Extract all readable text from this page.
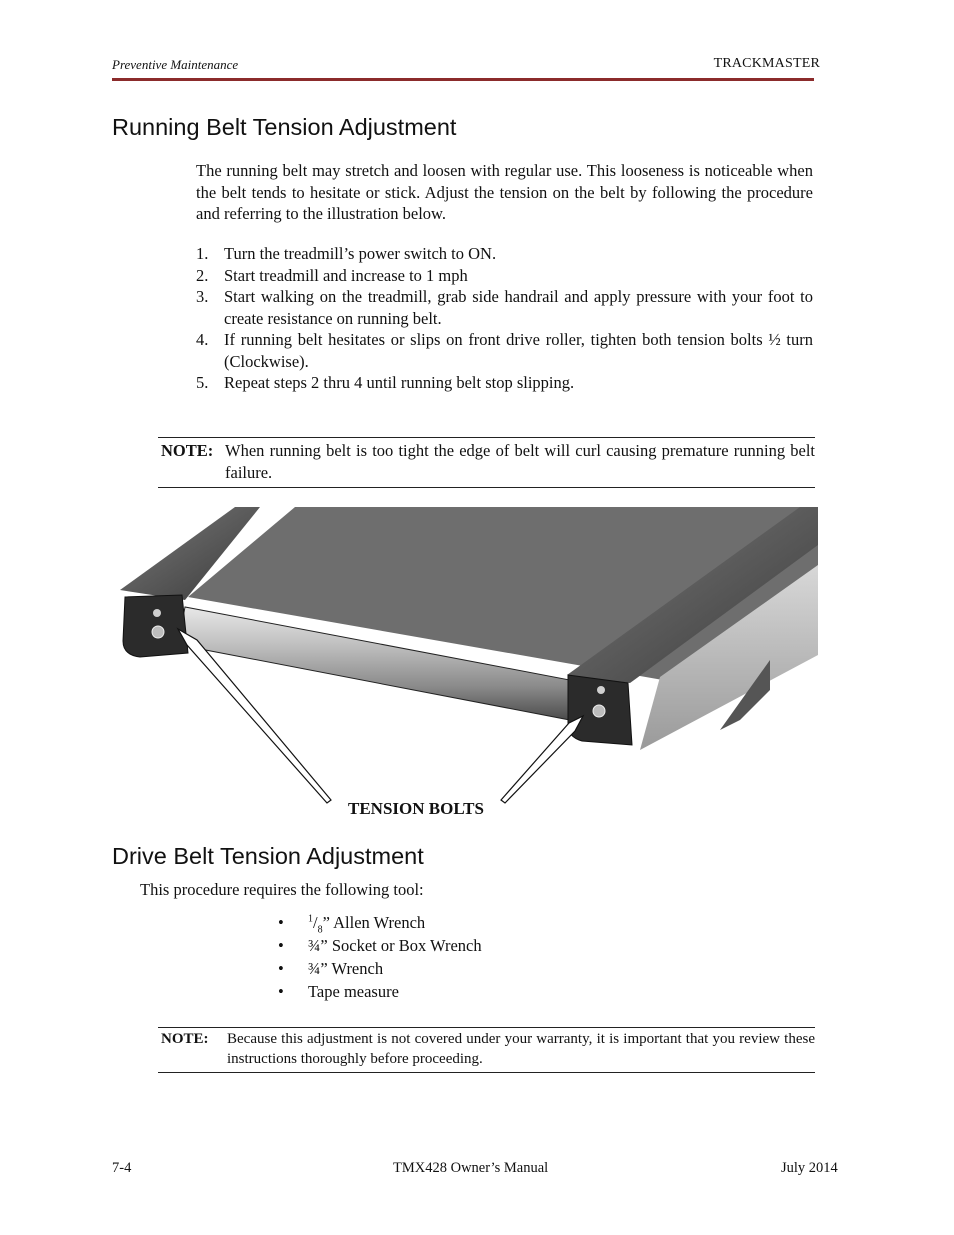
Preventive Maintenance	TRACKMASTER
Running Belt Tension Adjustment
The running belt may stretch and loosen with regular use. This looseness is noticeable when the belt tends to hesitate or stick. Adjust the tension on the belt by following the procedure and referring to the illustration below.
1. Turn the treadmill’s power switch to ON.
2. Start treadmill and increase to 1 mph
3. Start walking on the treadmill, grab side handrail and apply pressure with your foot to create resistance on running belt.
4. If running belt hesitates or slips on front drive roller, tighten both tension bolts ½ turn (Clockwise).
5. Repeat steps 2 thru 4 until running belt stop slipping.
NOTE: When running belt is too tight the edge of belt will curl causing premature running belt failure.
TENSION BOLTS
Drive Belt Tension Adjustment
This procedure requires the following tool:
•	$^1/_8$” Allen Wrench
•	¾” Socket or Box Wrench
•	¾” Wrench
•	Tape measure
NOTE:	Because this adjustment is not covered under your warranty, it is important that you review these instructions thoroughly before proceeding.
7-4	TMX428 Owner’s Manual	July 2014
